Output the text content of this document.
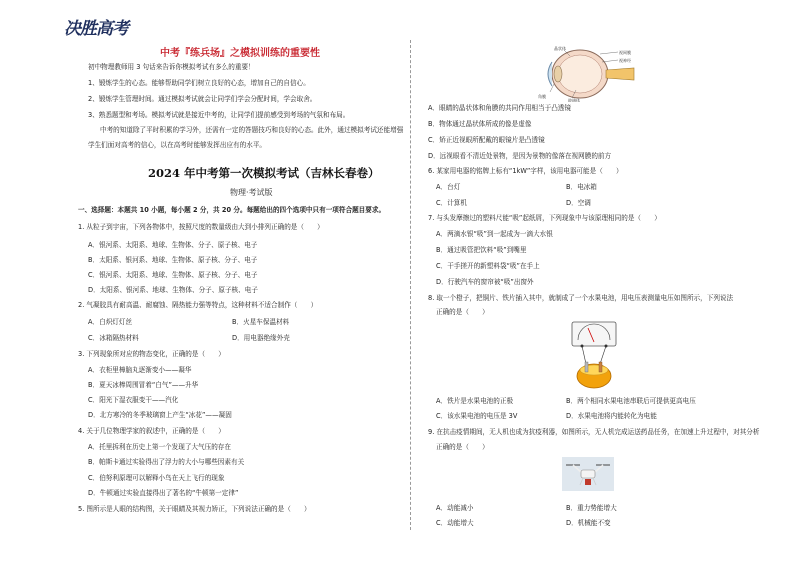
决胜高考
中考『练兵场』之模拟训练的重要性
初中物理教师用 3 句话来告诉你模拟考试有多么的重要！
1、锻炼学生的心态。能够帮助同学们树立良好的心态，增加自己的自信心。
2、锻炼学生管理时间。通过模拟考试就会让同学们学会分配时间，学会取舍。
3、熟悉题型和考场。模拟考试就是接近中考的，让同学们提前感受到考场的气氛和布局。
中考的知道除了平时积累的学习外，还需有一定的答题技巧和良好的心态。此外，通过模拟考试还能增强
学生们面对高考的信心，以在高考时能够发挥出应有的水平。
2024 年中考第一次模拟考试（吉林长春卷）
物理·考试版
一、选择题：本题共 10 小题，每小题 2 分，共 20 分。每题给出的四个选项中只有一项符合题目要求。
1. 从粒子到宇宙，下列各物体中，按照尺度的数量级由大到小排列正确的是（　　）
A．银河系、太阳系、地球、生物体、分子、原子核、电子
B．太阳系、银河系、地球、生物体、原子核、分子、电子
C．银河系、太阳系、地球、生物体、原子核、分子、电子
D．太阳系、银河系、地球、生物体、分子、原子核、电子
2. 气凝胶具有耐高温、耐腐蚀、隔热能力强等特点，这种材料不适合制作（　　）
A．白炽灯灯丝	B．火星车保温材料
C．冰箱隔热材料	D．用电器绝缘外壳
3. 下列现象所对应的物态变化，正确的是（　　）
A．衣柜里樟脑丸逐渐变小——凝华
B．夏天冰棒周围冒着“白气”——升华
C．阳光下湿衣服变干——汽化
D．北方寒冷的冬季玻璃窗上产生“冰花”——凝固
4. 关于几位物理学家的叙述中，正确的是（　　）
A．托里拆利在历史上第一个发现了大气压的存在
B．帕斯卡通过实验得出了浮力的大小与哪些因素有关
C．伯努利原理可以解释小鸟在天上飞行的现象
D．牛顿通过实验直接得出了著名的“牛顿第一定律”
5. 图所示是人眼的结构图，关于眼睛及其视力矫正，下列说法正确的是（　　）
晶状体
视网膜
视神经
角膜
玻璃体
A．眼睛的晶状体和角膜的共同作用相当于凸透镜
B．物体通过晶状体所成的像是虚像
C．矫正近视眼所配戴的眼镜片是凸透镜
D．远视眼看不清近处景物，是因为景物的像落在视网膜的前方
6. 某家用电器的铭牌上标有“1kW”字样，该用电器可能是（　　）
A．台灯	B．电冰箱
C．计算机	D．空调
7. 与头发摩擦过的塑料尺能“吸”起纸屑，下列现象中与该原理相同的是（　　）
A．两滴水银“吸”到一起成为一滴大水银
B．通过吸管把饮料“吸”到嘴里
C．干手搓开的新塑料袋“吸”在手上
D．行驶汽车的窗帘被“吸”出窗外
8. 取一个橙子，把铜片、铁片插入其中，就制成了一个水果电池，用电压表测量电压如图所示，下列说法
正确的是（　　）
A．铁片是水果电池的正极	B．两个相同水果电池串联后可提供更高电压
C．该水果电池的电压是 3V	D．水果电池将内能转化为电能
9. 在抗击疫情期间，无人机也成为抗疫利器，如图所示，无人机完成运送药品任务，在加速上升过程中，对其分析
正确的是（　　）
A．动能减小	B．重力势能增大
C．动能增大	D．机械能不变
